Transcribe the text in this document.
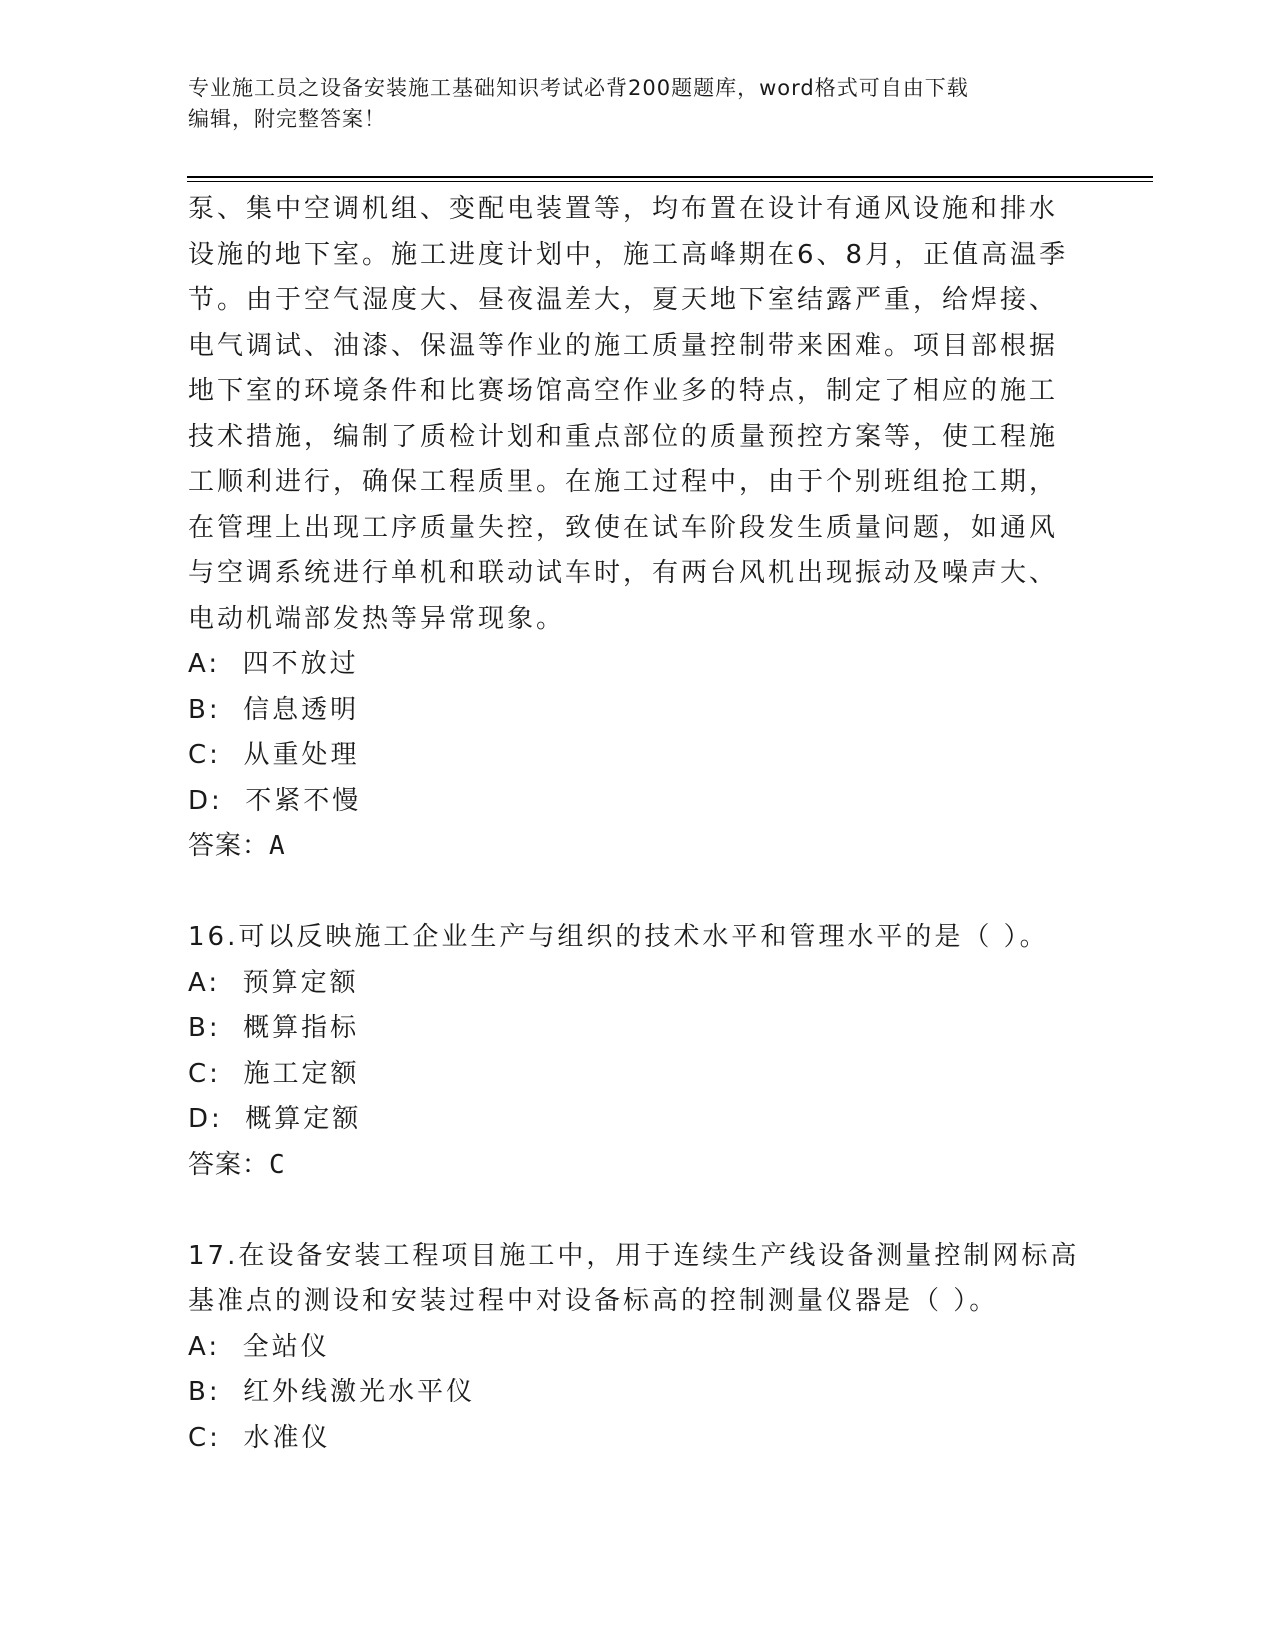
专业施工员之设备安装施工基础知识考试必背200题题库，word格式可自由下载
编辑，附完整答案！

泵、集中空调机组、变配电装置等，均布置在设计有通风设施和排水

设施的地下室。施工进度计划中，施工高峰期在6、8月，正值高温季

节。由于空气湿度大、昼夜温差大，夏天地下室结露严重，给焊接、

电气调试、油漆、保温等作业的施工质量控制带来困难。项目部根据

地下室的环境条件和比赛场馆高空作业多的特点，制定了相应的施工

技术措施，编制了质检计划和重点部位的质量预控方案等，使工程施

工顺利进行，确保工程质里。在施工过程中，由于个别班组抢工期，

在管理上出现工序质量失控，致使在试车阶段发生质量问题，如通风

与空调系统进行单机和联动试车时，有两台风机出现振动及噪声大、

电动机端部发热等异常现象。

A:  四不放过

B:  信息透明

C:  从重处理

D:  不紧不慢

答案：A

16.可以反映施工企业生产与组织的技术水平和管理水平的是（ ）。

A:  预算定额

B:  概算指标

C:  施工定额

D:  概算定额

答案：C

17.在设备安装工程项目施工中，用于连续生产线设备测量控制网标高

基准点的测设和安装过程中对设备标高的控制测量仪器是（ ）。

A:  全站仪

B:  红外线激光水平仪

C:  水准仪
